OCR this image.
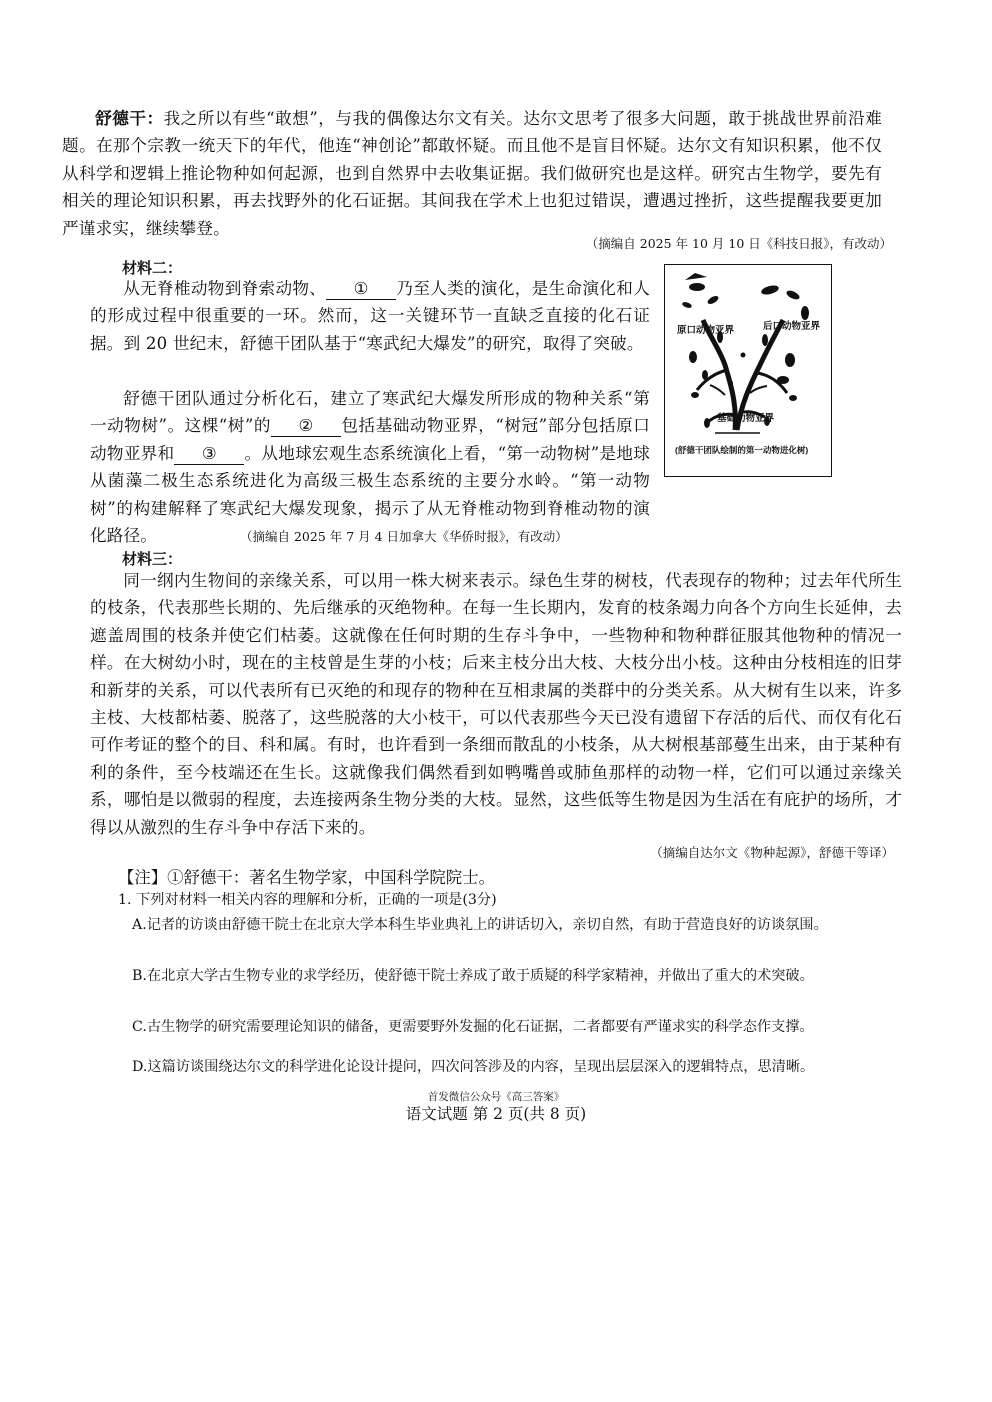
舒德干：我之所以有些“敢想”，与我的偶像达尔文有关。达尔文思考了很多大问题，敢于挑战世界前沿难题。在那个宗教一统天下的年代，他连“神创论”都敢怀疑。而且他不是盲目怀疑。达尔文有知识积累，他不仅从科学和逻辑上推论物种如何起源，也到自然界中去收集证据。我们做研究也是这样。研究古生物学，要先有相关的理论知识积累，再去找野外的化石证据。其间我在学术上也犯过错误，遭遇过挫折，这些提醒我要更加严谨求实，继续攀登。

（摘编自 2025 年 10 月 10 日《科技日报》，有改动）
材料二：

从无脊椎动物到脊索动物、 ① 乃至人类的演化，是生命演化和人的形成过程中很重要的一环。然而，这一关键环节一直缺乏直接的化石证据。到 20 世纪末，舒德干团队基于“寒武纪大爆发”的研究，取得了突破。

舒德干团队通过分析化石，建立了寒武纪大爆发所形成的物种关系“第一动物树”。这棵“树”的 ② 包括基础动物亚界，“树冠”部分包括原口动物亚界和 ③ 。从地球宏观生态系统演化上看，“第一动物树”是地球从菌藻二极生态系统进化为高级三极生态系统的主要分水岭。“第一动物树”的构建解释了寒武纪大爆发现象，揭示了从无脊椎动物到脊椎动物的演化路径。	（摘编自 2025 年 7 月 4 日加拿大《华侨时报》，有改动）
原口动物亚界	后口动物亚界
基础动物亚界
(舒德干团队绘制的第一动物进化树)
材料三：

同一纲内生物间的亲缘关系，可以用一株大树来表示。绿色生芽的树枝，代表现存的物种；过去年代所生的枝条，代表那些长期的、先后继承的灭绝物种。在每一生长期内，发育的枝条竭力向各个方向生长延伸，去遮盖周围的枝条并使它们枯萎。这就像在任何时期的生存斗争中，一些物种和物种群征服其他物种的情况一样。在大树幼小时，现在的主枝曾是生芽的小枝；后来主枝分出大枝、大枝分出小枝。这种由分枝相连的旧芽和新芽的关系，可以代表所有已灭绝的和现存的物种在互相隶属的类群中的分类关系。从大树有生以来，许多主枝、大枝都枯萎、脱落了，这些脱落的大小枝干，可以代表那些今天已没有遗留下存活的后代、而仅有化石可作考证的整个的目、科和属。有时，也许看到一条细而散乱的小枝条，从大树根基部蔓生出来，由于某种有利的条件，至今枝端还在生长。这就像我们偶然看到如鸭嘴兽或肺鱼那样的动物一样，它们可以通过亲缘关系，哪怕是以微弱的程度，去连接两条生物分类的大枝。显然，这些低等生物是因为生活在有庇护的场所，才得以从激烈的生存斗争中存活下来的。

（摘编自达尔文《物种起源》，舒德干等译）
【注】①舒德干：著名生物学家，中国科学院院士。

1. 下列对材料一相关内容的理解和分析，正确的一项是(3分)

A.记者的访谈由舒德干院士在北京大学本科生毕业典礼上的讲话切入，亲切自然，有助于营造良好的访谈氛围。

B.在北京大学古生物专业的求学经历，使舒德干院士养成了敢于质疑的科学家精神，并做出了重大的术突破。

C.古生物学的研究需要理论知识的储备，更需要野外发掘的化石证据，二者都要有严谨求实的科学态作支撑。

D.这篇访谈围绕达尔文的科学进化论设计提问，四次问答涉及的内容，呈现出层层深入的逻辑特点，思清晰。

首发微信公众号《高三答案》
语文试题 第 2 页(共 8 页)
